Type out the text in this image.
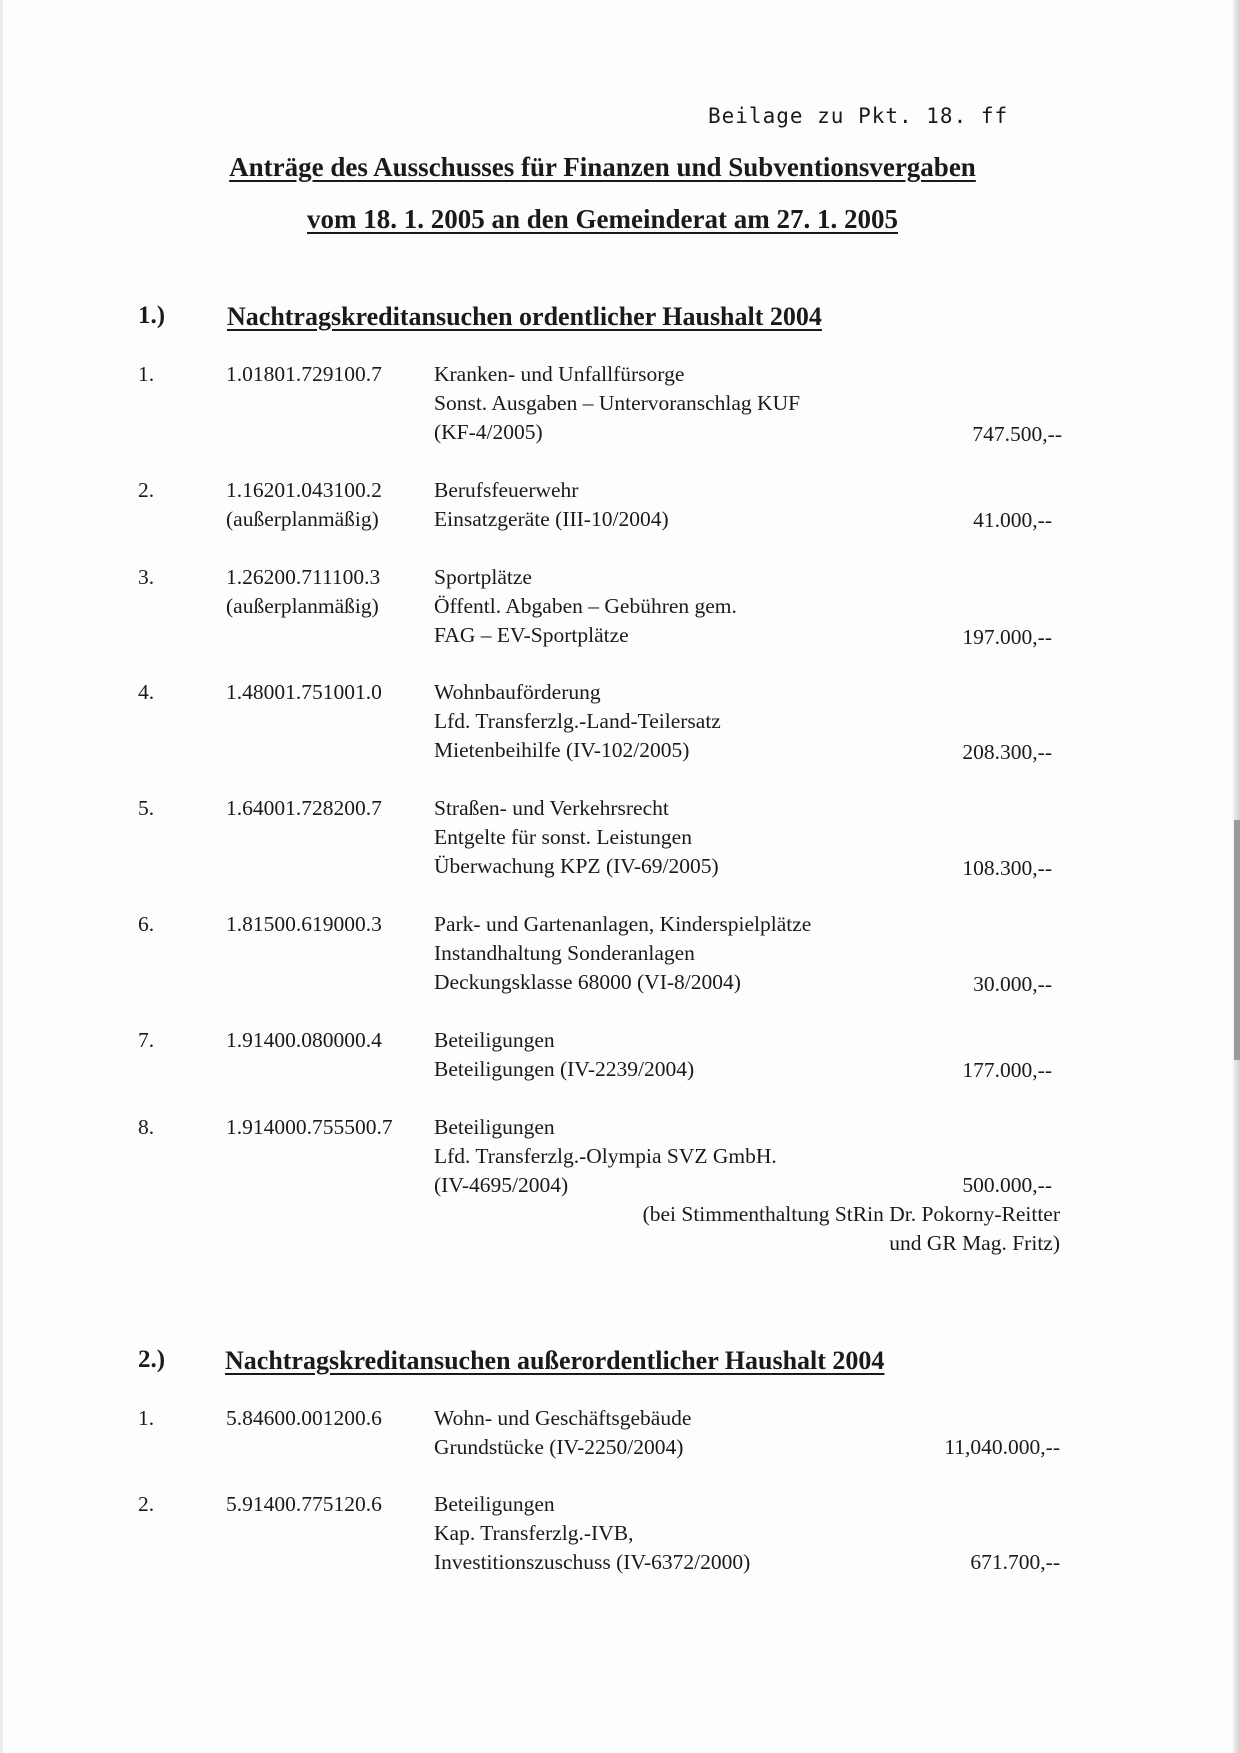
Beilage zu Pkt. 18. ff
Anträge des Ausschusses für Finanzen und Subventionsvergaben
vom 18. 1. 2005 an den Gemeinderat am 27. 1. 2005
1.) Nachtragskreditansuchen ordentlicher Haushalt 2004
1.	1.01801.729100.7 Kranken- und Unfallfürsorge
Sonst. Ausgaben – Untervoranschlag KUF
(KF-4/2005)	747.500,--
2.	1.16201.043100.2
(außerplanmäßig)
Berufsfeuerwehr
Einsatzgeräte (III-10/2004)	41.000,--
3.	1.26200.711100.3
(außerplanmäßig)
Sportplätze
Öffentl. Abgaben – Gebühren gem.
FAG – EV-Sportplätze	197.000,--
4.	1.48001.751001.0 Wohnbauförderung
Lfd. Transferzlg.-Land-Teilersatz
Mietenbeihilfe (IV-102/2005)	208.300,--
5.	1.64001.728200.7 Straßen- und Verkehrsrecht
Entgelte für sonst. Leistungen
Überwachung KPZ (IV-69/2005)	108.300,--
6.	1.81500.619000.3 Park- und Gartenanlagen, Kinderspielplätze
Instandhaltung Sonderanlagen
Deckungsklasse 68000 (VI-8/2004)	30.000,--
7.	1.91400.080000.4 Beteiligungen
Beteiligungen (IV-2239/2004)	177.000,--
8.	1.914000.755500.7 Beteiligungen
Lfd. Transferzlg.-Olympia SVZ GmbH.
(IV-4695/2004)	500.000,--
(bei Stimmenthaltung StRin Dr. Pokorny-Reitter
und GR Mag. Fritz)
2.) Nachtragskreditansuchen außerordentlicher Haushalt 2004
1.	5.84600.001200.6 Wohn- und Geschäftsgebäude
Grundstücke (IV-2250/2004)	11,040.000,--
2.	5.91400.775120.6 Beteiligungen
Kap. Transferzlg.-IVB,
Investitionszuschuss (IV-6372/2000)	671.700,--
